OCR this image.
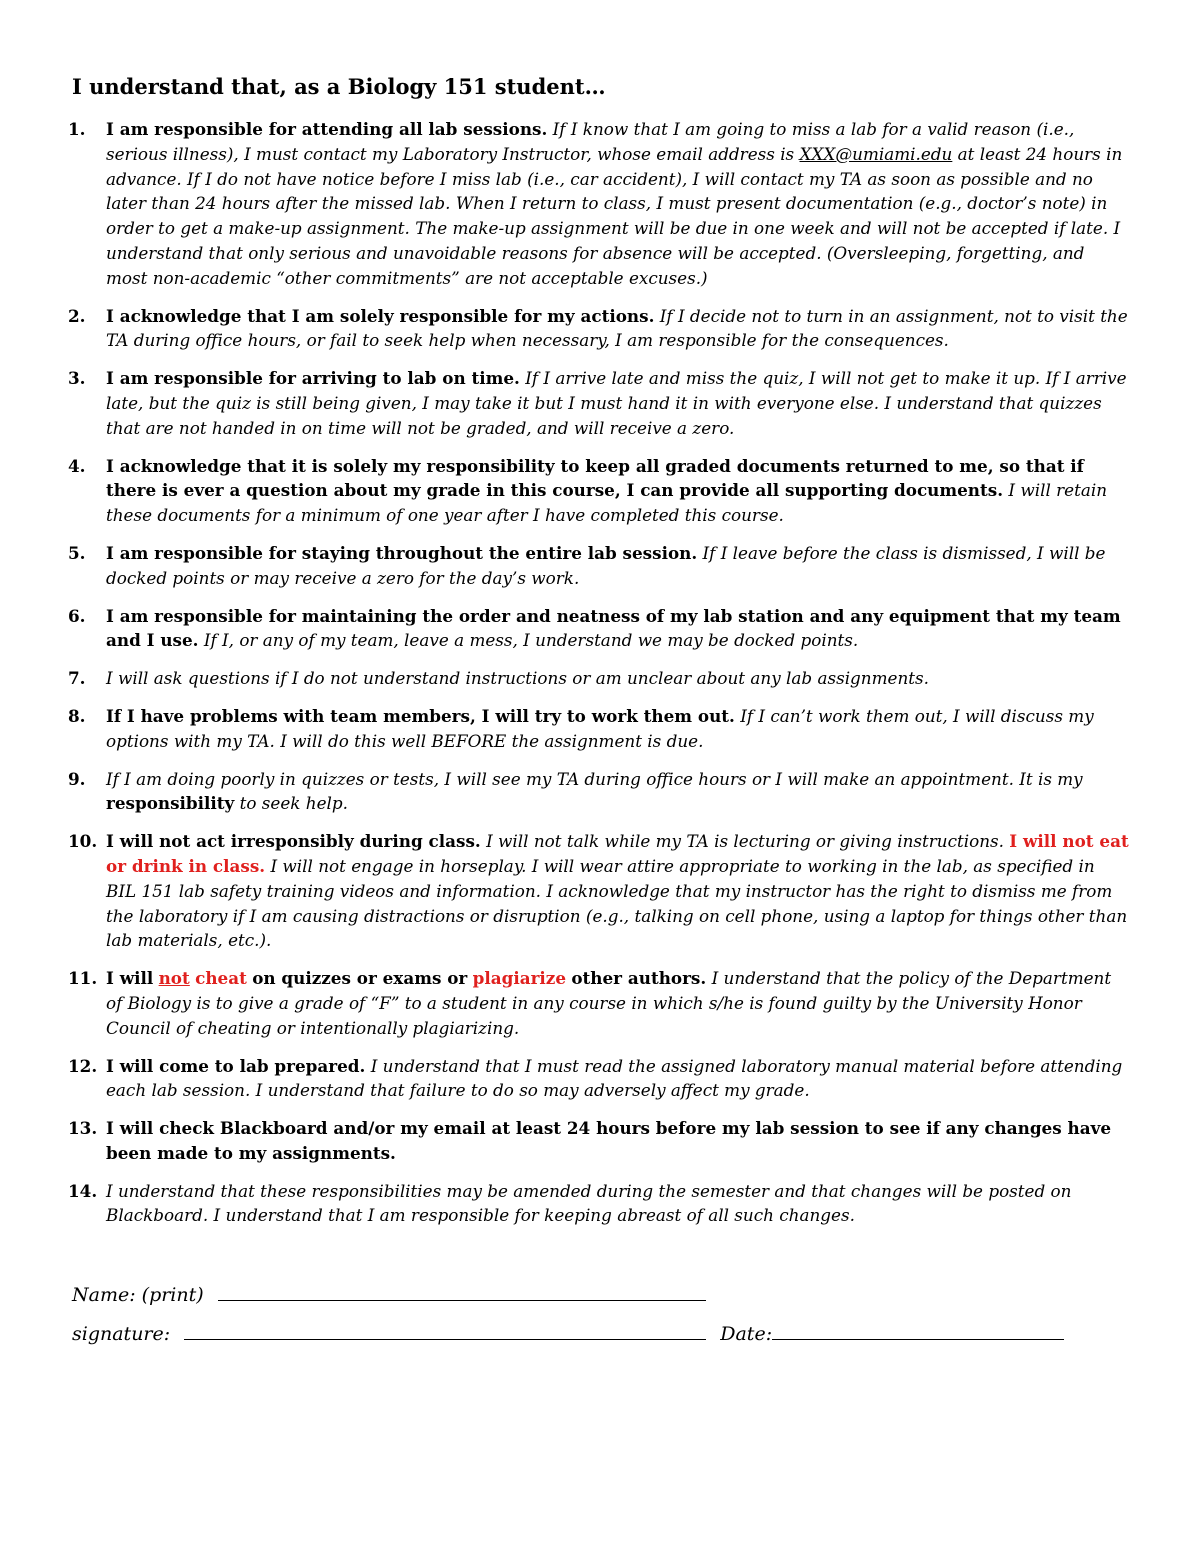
I understand that, as a Biology 151 student…
1. I am responsible for attending all lab sessions. If I know that I am going to miss a lab for a valid reason (i.e., serious illness), I must contact my Laboratory Instructor, whose email address is XXX@umiami.edu at least 24 hours in advance. If I do not have notice before I miss lab (i.e., car accident), I will contact my TA as soon as possible and no later than 24 hours after the missed lab. When I return to class, I must present documentation (e.g., doctor’s note) in order to get a make-up assignment. The make-up assignment will be due in one week and will not be accepted if late. I understand that only serious and unavoidable reasons for absence will be accepted. (Oversleeping, forgetting, and most non-academic “other commitments” are not acceptable excuses.)
2. I acknowledge that I am solely responsible for my actions. If I decide not to turn in an assignment, not to visit the TA during office hours, or fail to seek help when necessary, I am responsible for the consequences.
3. I am responsible for arriving to lab on time. If I arrive late and miss the quiz, I will not get to make it up. If I arrive late, but the quiz is still being given, I may take it but I must hand it in with everyone else. I understand that quizzes that are not handed in on time will not be graded, and will receive a zero.
4. I acknowledge that it is solely my responsibility to keep all graded documents returned to me, so that if there is ever a question about my grade in this course, I can provide all supporting documents. I will retain these documents for a minimum of one year after I have completed this course.
5. I am responsible for staying throughout the entire lab session. If I leave before the class is dismissed, I will be docked points or may receive a zero for the day’s work.
6. I am responsible for maintaining the order and neatness of my lab station and any equipment that my team and I use. If I, or any of my team, leave a mess, I understand we may be docked points.
7. I will ask questions if I do not understand instructions or am unclear about any lab assignments.
8. If I have problems with team members, I will try to work them out. If I can’t work them out, I will discuss my options with my TA. I will do this well BEFORE the assignment is due.
9. If I am doing poorly in quizzes or tests, I will see my TA during office hours or I will make an appointment. It is my responsibility to seek help.
10. I will not act irresponsibly during class. I will not talk while my TA is lecturing or giving instructions. I will not eat or drink in class. I will not engage in horseplay. I will wear attire appropriate to working in the lab, as specified in BIL 151 lab safety training videos and information. I acknowledge that my instructor has the right to dismiss me from the laboratory if I am causing distractions or disruption (e.g., talking on cell phone, using a laptop for things other than lab materials, etc.).
11. I will not cheat on quizzes or exams or plagiarize other authors. I understand that the policy of the Department of Biology is to give a grade of “F” to a student in any course in which s/he is found guilty by the University Honor Council of cheating or intentionally plagiarizing.
12. I will come to lab prepared. I understand that I must read the assigned laboratory manual material before attending each lab session. I understand that failure to do so may adversely affect my grade.
13. I will check Blackboard and/or my email at least 24 hours before my lab session to see if any changes have been made to my assignments.
14. I understand that these responsibilities may be amended during the semester and that changes will be posted on Blackboard. I understand that I am responsible for keeping abreast of all such changes.
Name: (print)
signature:	Date:
